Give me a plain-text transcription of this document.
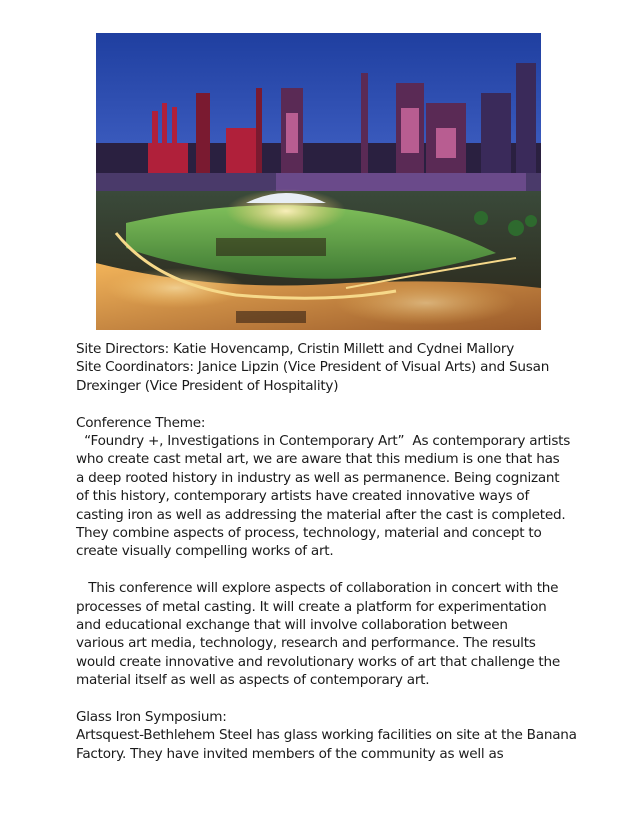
Site Directors: Katie Hovencamp, Cristin Millett and Cydnei Mallory
Site Coordinators: Janice Lipzin (Vice President of Visual Arts) and Susan
Drexinger (Vice President of Hospitality)
Conference Theme:
“Foundry +, Investigations in Contemporary Art”  As contemporary artists
who create cast metal art, we are aware that this medium is one that has
a deep rooted history in industry as well as permanence. Being cognizant
of this history, contemporary artists have created innovative ways of
casting iron as well as addressing the material after the cast is completed.
They combine aspects of process, technology, material and concept to
create visually compelling works of art.
This conference will explore aspects of collaboration in concert with the
processes of metal casting. It will create a platform for experimentation
and educational exchange that will involve collaboration between
various art media, technology, research and performance. The results
would create innovative and revolutionary works of art that challenge the
material itself as well as aspects of contemporary art.
Glass Iron Symposium:
Artsquest-Bethlehem Steel has glass working facilities on site at the Banana
Factory. They have invited members of the community as well as
